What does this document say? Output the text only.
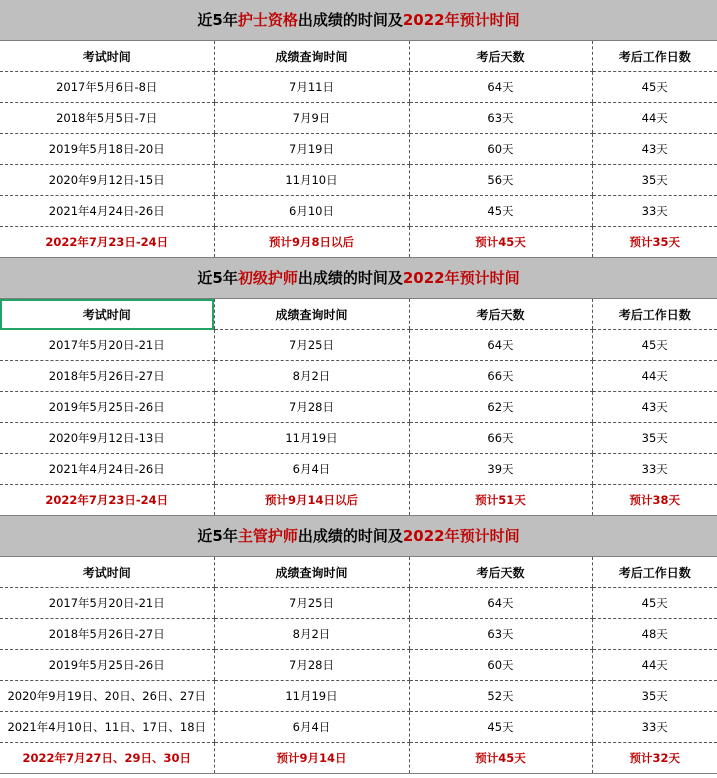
近5年护士资格出成绩的时间及2022年预计时间
考试时间	成绩查询时间	考后天数	考后工作日数
2017年5月6日-8日	7月11日	64天	45天
2018年5月5日-7日	7月9日	63天	44天
2019年5月18日-20日	7月19日	60天	43天
2020年9月12日-15日	11月10日	56天	35天
2021年4月24日-26日	6月10日	45天	33天
2022年7月23日-24日	预计9月8日以后	预计45天	预计35天
近5年初级护师出成绩的时间及2022年预计时间
考试时间	成绩查询时间	考后天数	考后工作日数
2017年5月20日-21日	7月25日	64天	45天
2018年5月26日-27日	8月2日	66天	44天
2019年5月25日-26日	7月28日	62天	43天
2020年9月12日-13日	11月19日	66天	35天
2021年4月24日-26日	6月4日	39天	33天
2022年7月23日-24日	预计9月14日以后	预计51天	预计38天
近5年主管护师出成绩的时间及2022年预计时间
考试时间	成绩查询时间	考后天数	考后工作日数
2017年5月20日-21日	7月25日	64天	45天
2018年5月26日-27日	8月2日	63天	48天
2019年5月25日-26日	7月28日	60天	44天
2020年9月19日、20日、26日、27日	11月19日	52天	35天
2021年4月10日、11日、17日、18日	6月4日	45天	33天
2022年7月27日、29日、30日	预计9月14日	预计45天	预计32天
